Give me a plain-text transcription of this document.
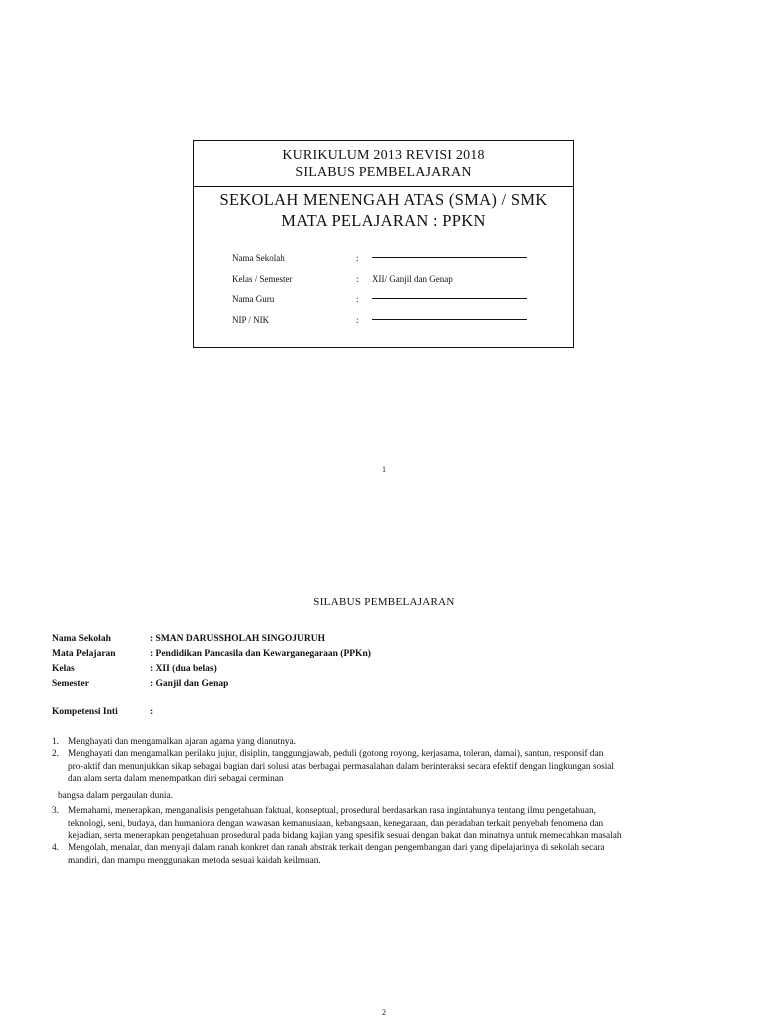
KURIKULUM 2013 REVISI 2018
SILABUS PEMBELAJARAN
SEKOLAH MENENGAH ATAS (SMA) / SMK
MATA PELAJARAN : PPKN
Nama Sekolah	:
Kelas / Semester	:	XII/ Ganjil dan Genap
Nama Guru	:
NIP / NIK	:
1
SILABUS PEMBELAJARAN
Nama Sekolah	: SMAN DARUSSHOLAH SINGOJURUH
Mata Pelajaran	: Pendidikan Pancasila dan Kewarganegaraan (PPKn)
Kelas	: XII (dua belas)
Semester	: Ganjil dan Genap
Kompetensi Inti	:
1. Menghayati dan mengamalkan ajaran agama yang dianutnya.
2. Menghayati dan mengamalkan perilaku jujur, disiplin, tanggungjawab, peduli (gotong royong, kerjasama, toleran, damai), santun, responsif dan
pro-aktif dan menunjukkan sikap sebagai bagian dari solusi atas berbagai permasalahan dalam berinteraksi secara efektif dengan lingkungan sosial
dan alam serta dalam menempatkan diri sebagai cerminan
bangsa dalam pergaulan dunia.
3. Memahami, menerapkan, menganalisis pengetahuan faktual, konseptual, prosedural berdasarkan rasa ingintahunya tentang ilmu pengetahuan,
teknologi, seni, budaya, dan humaniora dengan wawasan kemanusiaan, kebangsaan, kenegaraan, dan peradaban terkait penyebab fenomena dan
kejadian, serta menerapkan pengetahuan prosedural pada bidang kajian yang spesifik sesuai dengan bakat dan minatnya untuk memecahkan masalah
4. Mengolah, menalar, dan menyaji dalam ranah konkret dan ranah abstrak terkait dengan pengembangan dari yang dipelajarinya di sekolah secara
mandiri, dan mampu menggunakan metoda sesuai kaidah keilmuan.
2
